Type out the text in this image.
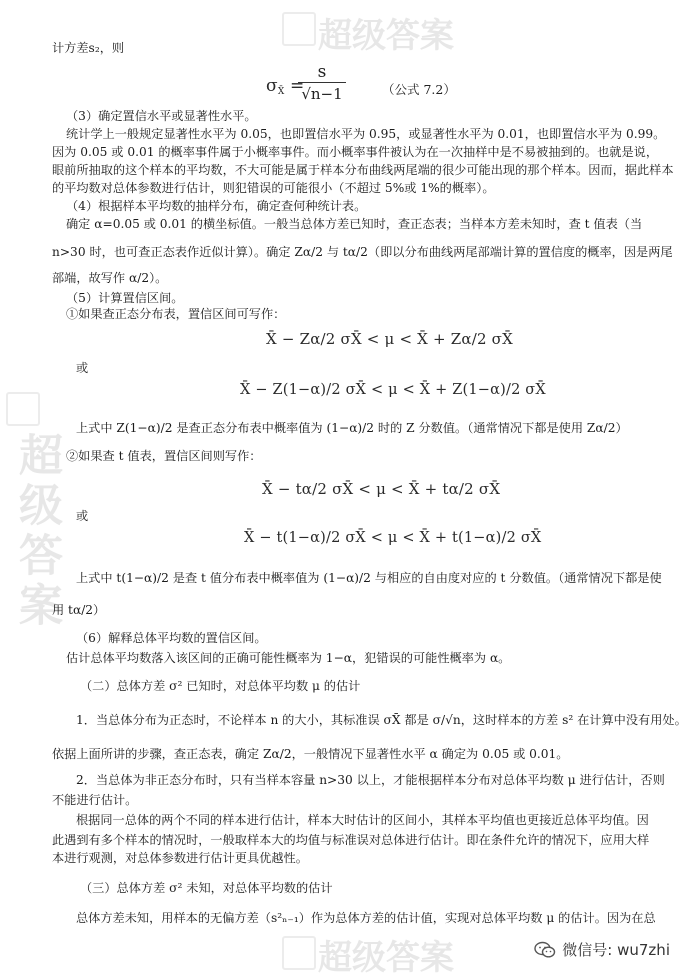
超级答案
超级答案
超级答案
计方差s₂，则
$\sigma_{X̄}$ =
$\frac{s}{√n-1}$	（公式 7.2）
（3）确定置信水平或显著性水平。
统计学上一般规定显著性水平为 0.05，也即置信水平为 0.95，或显著性水平为 0.01，也即置信水平为 0.99。
因为 0.05 或 0.01 的概率事件属于小概率事件。而小概率事件被认为在一次抽样中是不易被抽到的。也就是说，
眼前所抽取的这个样本的平均数，不大可能是属于样本分布曲线两尾端的很少可能出现的那个样本。因而，据此样本
的平均数对总体参数进行估计，则犯错误的可能很小（不超过 5%或 1%的概率）。
（4）根据样本平均数的抽样分布，确定查何种统计表。
确定 α=0.05 或 0.01 的横坐标值。一般当总体方差已知时，查正态表；当样本方差未知时，查 t 值表（当
n>30 时，也可查正态表作近似计算）。确定 Zα/2 与 tα/2（即以分布曲线两尾部端计算的置信度的概率，因是两尾
部端，故写作 α/2）。
（5）计算置信区间。
①如果查正态分布表，置信区间可写作：
X̄ − Zα/2 σX̄ < μ < X̄ + Zα/2 σX̄
或
X̄ − Z(1−α)/2 σX̄ < μ < X̄ + Z(1−α)/2 σX̄
上式中 Z(1−α)/2 是查正态分布表中概率值为 (1−α)/2 时的 Z 分数值。（通常情况下都是使用 Zα/2）
②如果查 t 值表，置信区间则写作：
X̄ − tα/2 σX̄ < μ < X̄ + tα/2 σX̄
或
X̄ − t(1−α)/2 σX̄ < μ < X̄ + t(1−α)/2 σX̄
上式中 t(1−α)/2 是查 t 值分布表中概率值为 (1−α)/2 与相应的自由度对应的 t 分数值。（通常情况下都是使
用 tα/2）
（6）解释总体平均数的置信区间。
估计总体平均数落入该区间的正确可能性概率为 1−α，犯错误的可能性概率为 α。
（二）总体方差 σ² 已知时，对总体平均数 μ 的估计
1．当总体分布为正态时，不论样本 n 的大小，其标准误 σX̄ 都是 σ/√n，这时样本的方差 s² 在计算中没有用处。
依据上面所讲的步骤，查正态表，确定 Zα/2，一般情况下显著性水平 α 确定为 0.05 或 0.01。
2．当总体为非正态分布时，只有当样本容量 n>30 以上，才能根据样本分布对总体平均数 μ 进行估计，否则
不能进行估计。
根据同一总体的两个不同的样本进行估计，样本大时估计的区间小，其样本平均值也更接近总体平均值。因
此遇到有多个样本的情况时，一般取样本大的均值与标准误对总体进行估计。即在条件允许的情况下，应用大样
本进行观测，对总体参数进行估计更具优越性。
（三）总体方差 σ² 未知，对总体平均数的估计
总体方差未知，用样本的无偏方差（s²ₙ₋₁）作为总体方差的估计值，实现对总体平均数 μ 的估计。因为在总
微信号: wu7zhi
